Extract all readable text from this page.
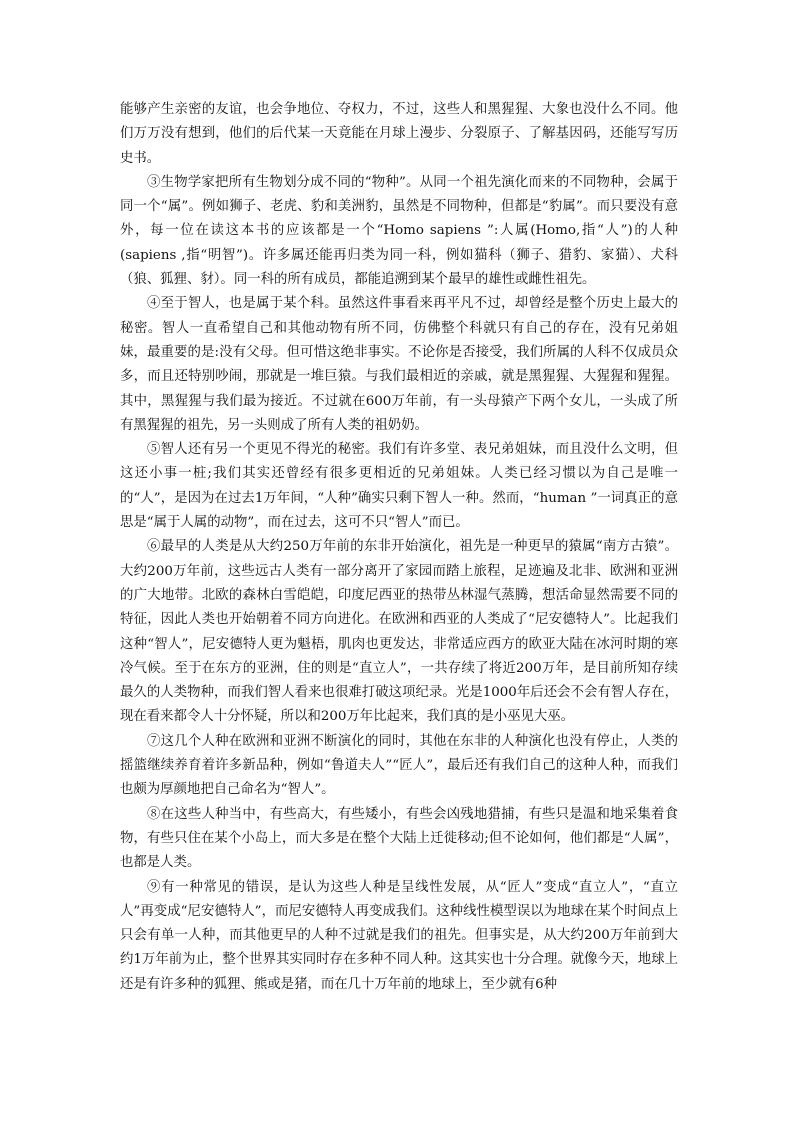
能够产生亲密的友谊，也会争地位、夺权力，不过，这些人和黑猩猩、大象也没什么不同。他们万万没有想到，他们的后代某一天竟能在月球上漫步、分裂原子、了解基因码，还能写写历史书。

③生物学家把所有生物划分成不同的“物种”。从同一个祖先演化而来的不同物种，会属于同一个“属”。例如狮子、老虎、豹和美洲豹，虽然是不同物种，但都是“豹属”。而只要没有意外，每一位在读这本书的应该都是一个“Homo sapiens ”:人属(Homo,指“人”)的人种(sapiens ,指“明智”)。许多属还能再归类为同一科，例如猫科（狮子、猎豹、家猫）、犬科（狼、狐狸、豺）。同一科的所有成员，都能追溯到某个最早的雄性或雌性祖先。

④至于智人，也是属于某个科。虽然这件事看来再平凡不过，却曾经是整个历史上最大的秘密。智人一直希望自己和其他动物有所不同，仿佛整个科就只有自己的存在，没有兄弟姐妹，最重要的是:没有父母。但可惜这绝非事实。不论你是否接受，我们所属的人科不仅成员众多，而且还特别吵闹，那就是一堆巨猿。与我们最相近的亲戚，就是黑猩猩、大猩猩和猩猩。其中，黑猩猩与我们最为接近。不过就在600万年前，有一头母猿产下两个女儿，一头成了所有黑猩猩的祖先，另一头则成了所有人类的祖奶奶。

⑤智人还有另一个更见不得光的秘密。我们有许多堂、表兄弟姐妹，而且没什么文明，但这还小事一桩;我们其实还曾经有很多更相近的兄弟姐妹。人类已经习惯以为自己是唯一的“人”，是因为在过去1万年间，“人种”确实只剩下智人一种。然而，“human ”一词真正的意思是“属于人属的动物”，而在过去，这可不只“智人”而已。

⑥最早的人类是从大约250万年前的东非开始演化，祖先是一种更早的猿属“南方古猿”。大约200万年前，这些远古人类有一部分离开了家园而踏上旅程，足迹遍及北非、欧洲和亚洲的广大地带。北欧的森林白雪皑皑，印度尼西亚的热带丛林湿气蒸腾，想活命显然需要不同的特征，因此人类也开始朝着不同方向进化。在欧洲和西亚的人类成了“尼安德特人”。比起我们这种“智人”，尼安德特人更为魁梧，肌肉也更发达，非常适应西方的欧亚大陆在冰河时期的寒冷气候。至于在东方的亚洲，住的则是“直立人”，一共存续了将近200万年，是目前所知存续最久的人类物种，而我们智人看来也很难打破这项纪录。光是1000年后还会不会有智人存在，现在看来都令人十分怀疑，所以和200万年比起来，我们真的是小巫见大巫。

⑦这几个人种在欧洲和亚洲不断演化的同时，其他在东非的人种演化也没有停止，人类的摇篮继续养育着许多新品种，例如“鲁道夫人”“匠人”，最后还有我们自己的这种人种，而我们也颇为厚颜地把自己命名为“智人”。

⑧在这些人种当中，有些高大，有些矮小，有些会凶残地猎捕，有些只是温和地采集着食物，有些只住在某个小岛上，而大多是在整个大陆上迁徙移动;但不论如何，他们都是“人属”，也都是人类。

⑨有一种常见的错误，是认为这些人种是呈线性发展，从“匠人”变成“直立人”，“直立人”再变成“尼安德特人”，而尼安德特人再变成我们。这种线性模型误以为地球在某个时间点上只会有单一人种，而其他更早的人种不过就是我们的祖先。但事实是，从大约200万年前到大约1万年前为止，整个世界其实同时存在多种不同人种。这其实也十分合理。就像今天，地球上还是有许多种的狐狸、熊或是猪，而在几十万年前的地球上，至少就有6种
